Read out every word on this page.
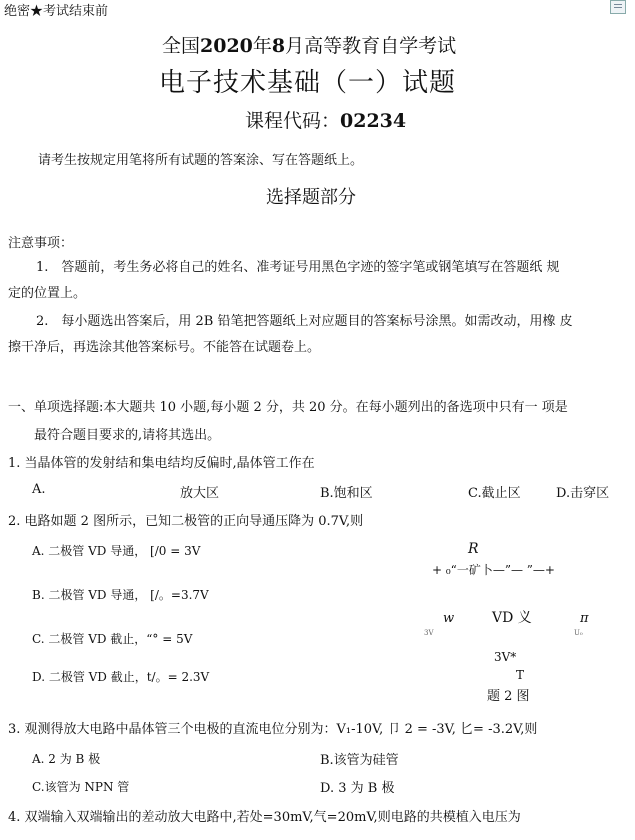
绝密★考试结束前
全国2020年8月高等教育自学考试
电子技术基础（一）试题
课程代码：02234
请考生按规定用笔将所有试题的答案涂、写在答题纸上。
选择题部分
注意事项：
1.　答题前，考生务必将自己的姓名、准考证号用黑色字迹的签字笔或钢笔填写在答题纸 规
定的位置上。
2.　每小题选出答案后，用 2B 铅笔把答题纸上对应题目的答案标号涂黑。如需改动，用橡 皮
擦干净后，再选涂其他答案标号。不能答在试题卷上。
一、单项选择题:本大题共 10 小题,每小题 2 分，共 20 分。在每小题列出的备选项中只有一 项是
最符合题目要求的,请将其选出。
1. 当晶体管的发射结和集电结均反偏时,晶体管工作在
A.	放大区	B.饱和区	C.截止区	D.击穿区
2. 电路如题 2 图所示，已知二极管的正向导通压降为 0.7V,则
A. 二极管 VD 导通， [/0 = 3V
B. 二极管 VD 导通， [/。=3.7V
C. 二极管 VD 截止，“° = 5V
D. 二极管 VD 截止，t/。= 2.3V
R
+ ₀“一矿卜—”— ”—+
w	VD 义	π
3V	U₀
3V*
T
题 2 图
3. 观测得放大电路中晶体管三个电极的直流电位分别为：V₁-10V, 卩 2 = -3V, 匕= -3.2V,则
A. 2 为 B 极	B.该管为硅管
C.该管为 NPN 管	D. 3 为 B 极
4. 双端输入双端输出的差动放大电路中,若处=30mV,气=20mV,则电路的共模植入电压为
